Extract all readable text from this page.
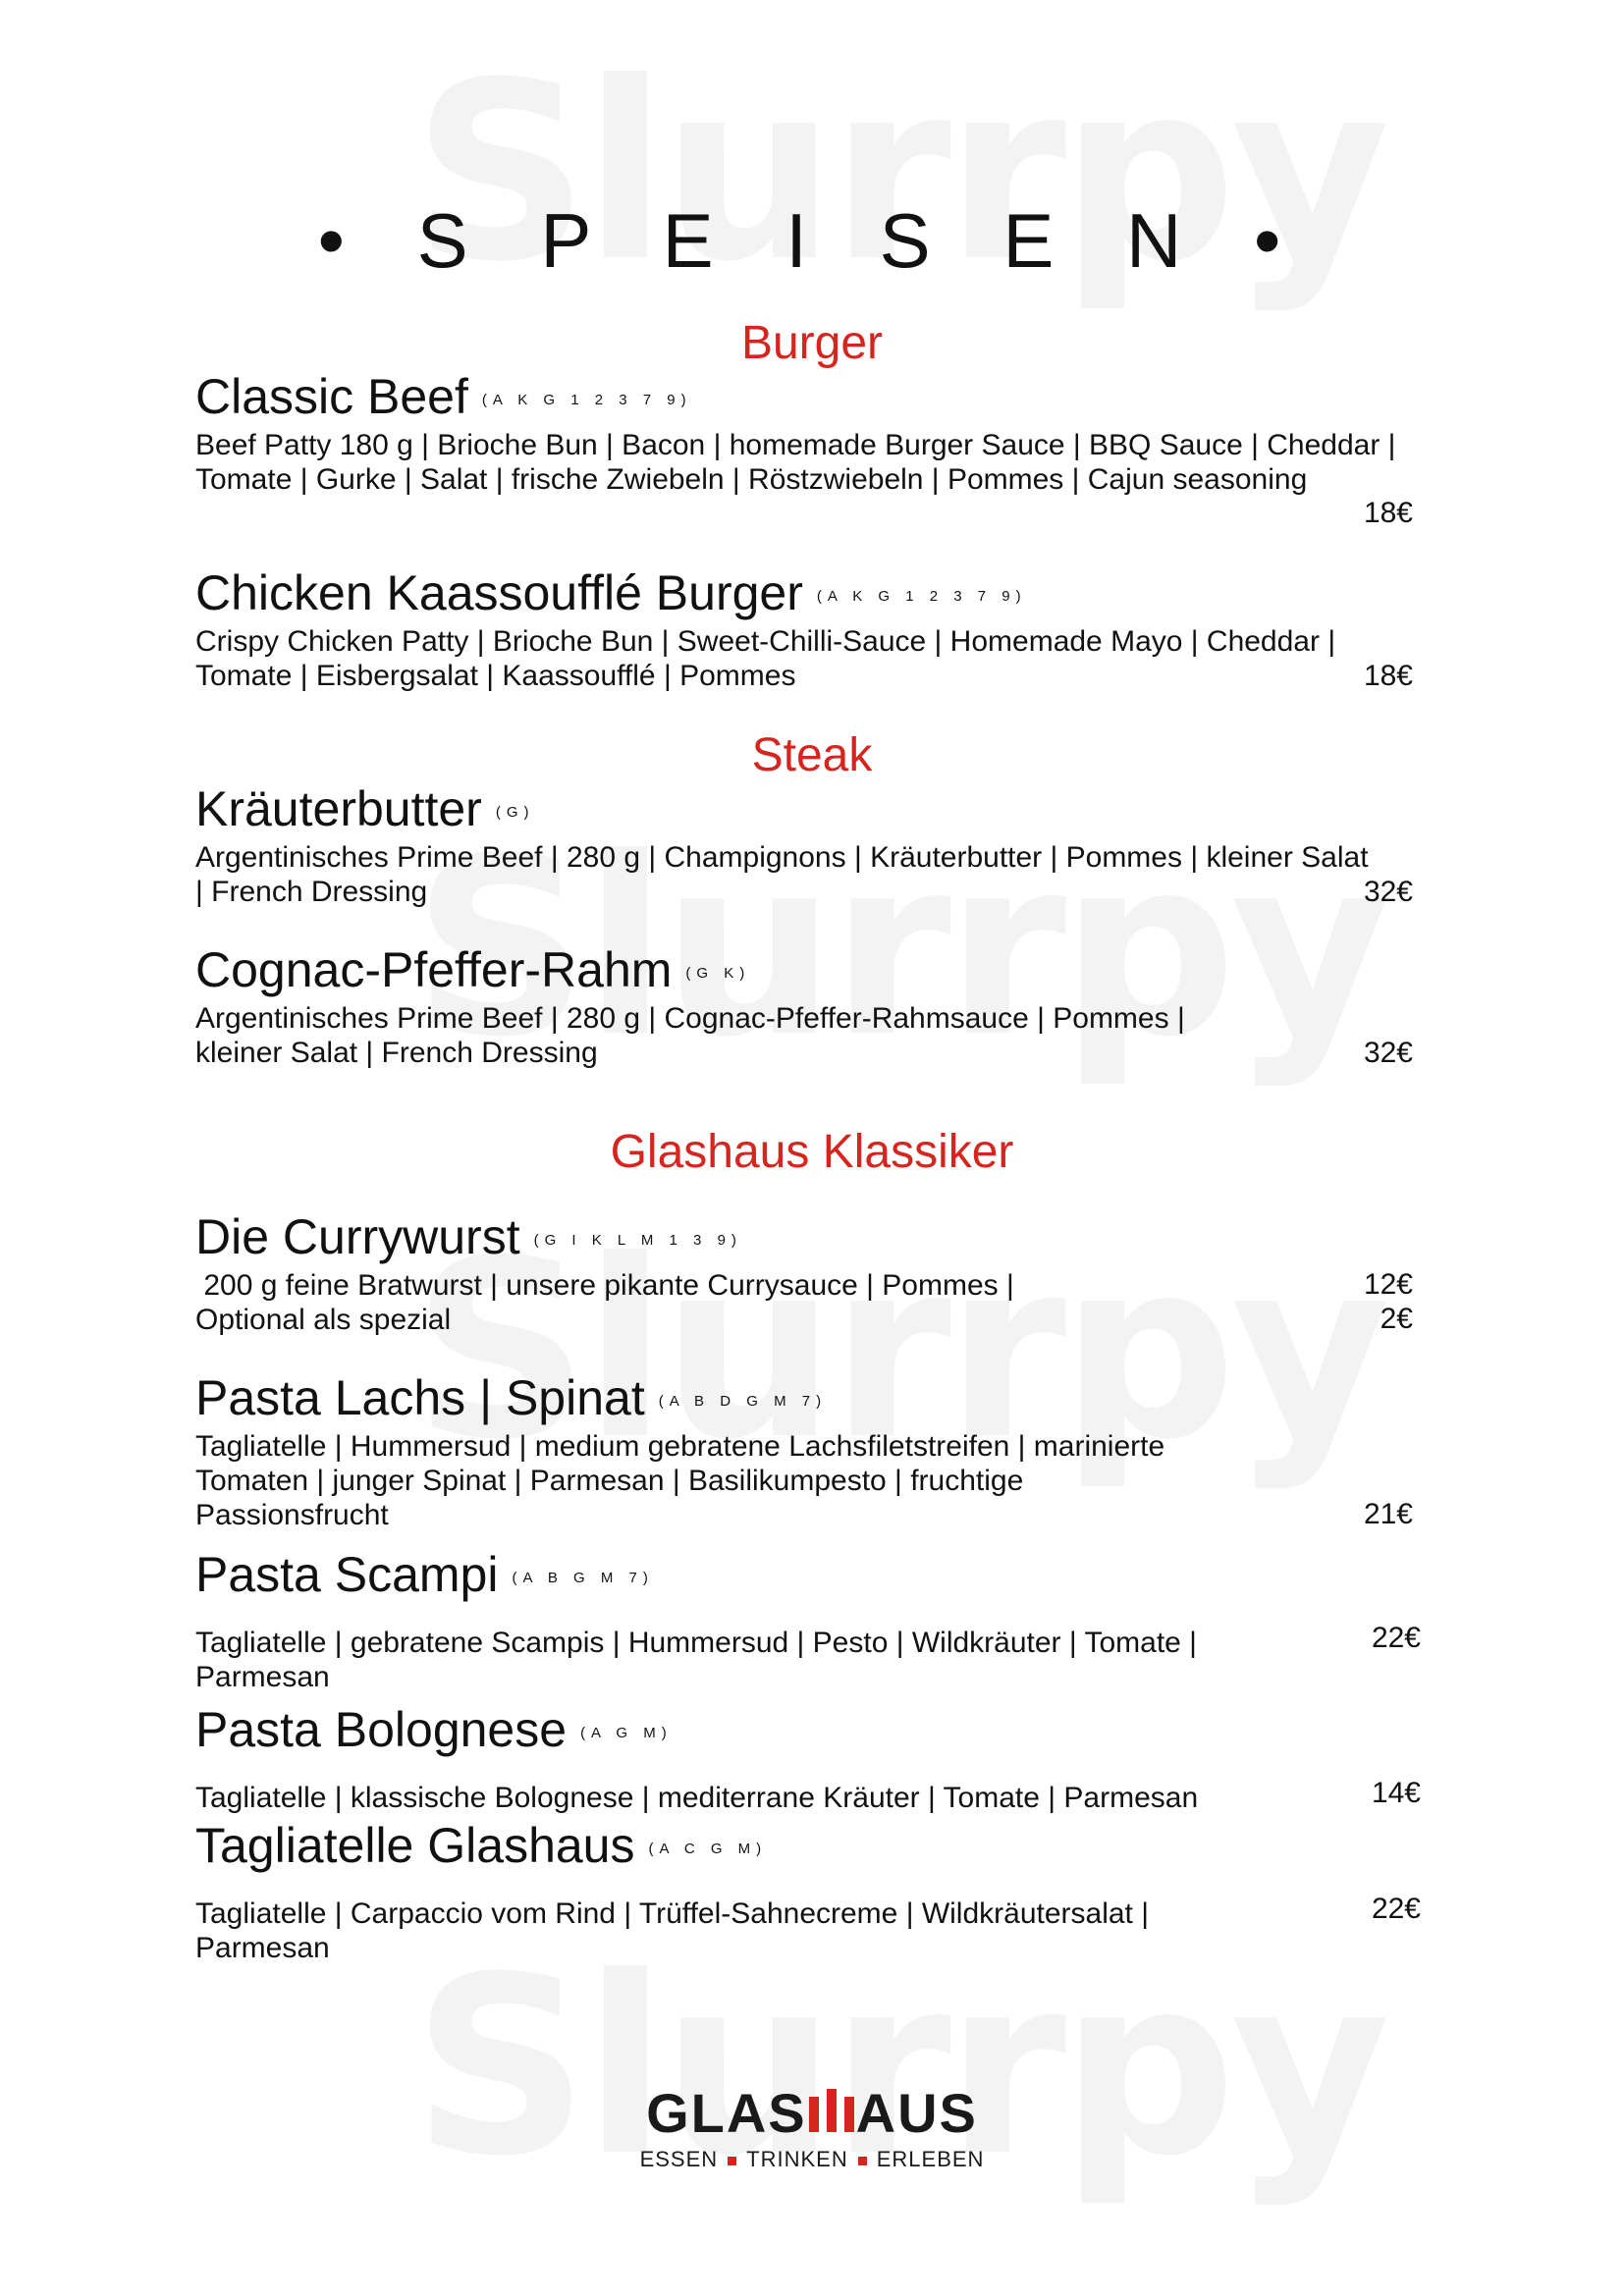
• S P E I S E N •
Burger
Classic Beef (A K G 1 2 3 7 9)
Beef Patty 180 g | Brioche Bun | Bacon | homemade Burger Sauce | BBQ Sauce | Cheddar |
Tomate | Gurke | Salat | frische Zwiebeln | Röstzwiebeln | Pommes | Cajun seasoning
18€
Chicken Kaassoufflé Burger (A K G 1 2 3 7 9)
Crispy Chicken Patty | Brioche Bun | Sweet-Chilli-Sauce | Homemade Mayo | Cheddar |
Tomate | Eisbergsalat | Kaassoufflé | Pommes	18€
Steak
Kräuterbutter (G)
Argentinisches Prime Beef | 280 g | Champignons | Kräuterbutter | Pommes | kleiner Salat
| French Dressing	32€
Cognac-Pfeffer-Rahm (G K)
Argentinisches Prime Beef | 280 g | Cognac-Pfeffer-Rahmsauce | Pommes |
kleiner Salat | French Dressing	32€
Glashaus Klassiker
Die Currywurst (G I K L M 1 3 9)
200 g feine Bratwurst | unsere pikante Currysauce | Pommes |
Optional als spezial
12€
2€
Pasta Lachs | Spinat (A B D G M 7)
Tagliatelle | Hummersud | medium gebratene Lachsfiletstreifen | marinierte
Tomaten | junger Spinat | Parmesan | Basilikumpesto | fruchtige
Passionsfrucht	21€
Pasta Scampi (A B G M 7)
Tagliatelle | gebratene Scampis | Hummersud | Pesto | Wildkräuter | Tomate |
Parmesan
22€
Pasta Bolognese (A G M)
Tagliatelle | klassische Bolognese | mediterrane Kräuter | Tomate | Parmesan	14€
Tagliatelle Glashaus (A C G M)
Tagliatelle | Carpaccio vom Rind | Trüffel-Sahnecreme | Wildkräutersalat |
Parmesan
22€
GLAS AUS
ESSEN TRINKEN ERLEBEN
